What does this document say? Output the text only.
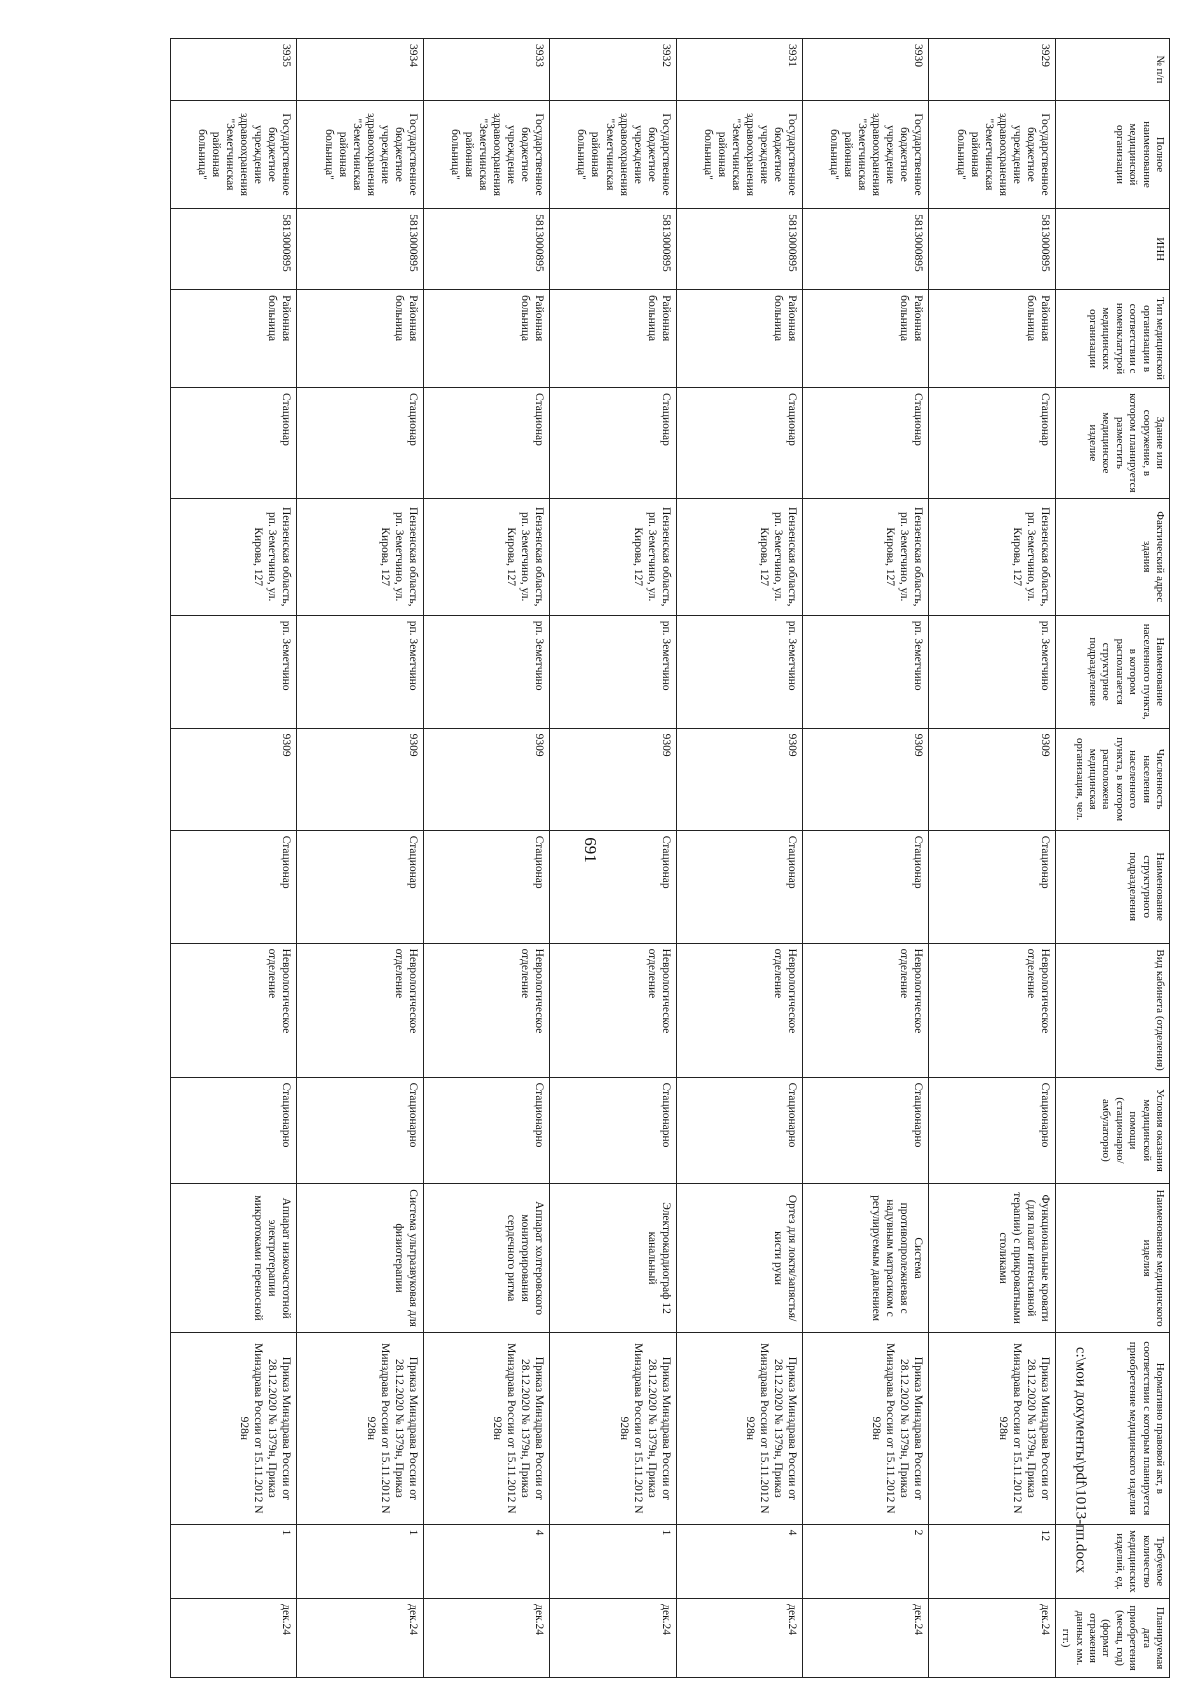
691
№ п/п	Полное наименование медицинской организации	ИНН	Тип медицинской организации в соответствии с номенклатурой медицинских организации	Здание или сооружение, в котором планируется разместить медицинское изделие	Фактический адрес здания	Наименование населенного пункта, в котором располагается структурное подразделение	Численность населения населенного пункта, в котором расположена медицинская организация, чел.	Наименование структурного подразделения	Вид кабинета (отделения)	Условия оказания медицинской помощи (стационарно/ амбулаторно)	Наименование медицинского изделия	Нормативно правовой акт, в соответствии с которым планируется приобретение медицинского изделия	Требуемое количество медицинских изделий, ед.	Планируемая дата приобретения (месяц, год) (формат отражения данных мм. ггг.)
3929	Государственное бюджетное учреждение здравоохранения "Земетчинская районная больница"	5813000895	Районная больница	Стационар	Пензенская область, рп. Земетчино, ул. Кирова, 127	рп. Земетчино	9309	Стационар	Неврологическое отделение	Стационарно	Функциональные кровати (для палат интенсивной терапии) с прикроватными столиками	Приказ Минздрава России от 28.12.2020 № 1379н, Приказ Минздрава России от 15.11.2012 N 928н	12	дек.24
3930	Государственное бюджетное учреждение здравоохранения "Земетчинская районная больница"	5813000895	Районная больница	Стационар	Пензенская область, рп. Земетчино, ул. Кирова, 127	рп. Земетчино	9309	Стационар	Неврологическое отделение	Стационарно	Система противопролежневая с надувным матрасиком с регулируемым давлением	Приказ Минздрава России от 28.12.2020 № 1379н, Приказ Минздрава России от 15.11.2012 N 928н	2	дек.24
3931	Государственное бюджетное учреждение здравоохранения "Земетчинская районная больница"	5813000895	Районная больница	Стационар	Пензенская область, рп. Земетчино, ул. Кирова, 127	рп. Земетчино	9309	Стационар	Неврологическое отделение	Стационарно	Ортез для локтя/запястья/кисти руки	Приказ Минздрава России от 28.12.2020 № 1379н, Приказ Минздрава России от 15.11.2012 N 928н	4	дек.24
3932	Государственное бюджетное учреждение здравоохранения "Земетчинская районная больница"	5813000895	Районная больница	Стационар	Пензенская область, рп. Земетчино, ул. Кирова, 127	рп. Земетчино	9309	Стационар	Неврологическое отделение	Стационарно	Электрокардиограф 12 канальный	Приказ Минздрава России от 28.12.2020 № 1379н, Приказ Минздрава России от 15.11.2012 N 928н	1	дек.24
3933	Государственное бюджетное учреждение здравоохранения "Земетчинская районная больница"	5813000895	Районная больница	Стационар	Пензенская область, рп. Земетчино, ул. Кирова, 127	рп. Земетчино	9309	Стационар	Неврологическое отделение	Стационарно	Аппарат холтеровского мониторирования сердечного ритма	Приказ Минздрава России от 28.12.2020 № 1379н, Приказ Минздрава России от 15.11.2012 N 928н	4	дек.24
3934	Государственное бюджетное учреждение здравоохранения "Земетчинская районная больница"	5813000895	Районная больница	Стационар	Пензенская область, рп. Земетчино, ул. Кирова, 127	рп. Земетчино	9309	Стационар	Неврологическое отделение	Стационарно	Система ультразвуковая для физиотерапии	Приказ Минздрава России от 28.12.2020 № 1379н, Приказ Минздрава России от 15.11.2012 N 928н	1	дек.24
3935	Государственное бюджетное учреждение здравоохранения "Земетчинская районная больница"	5813000895	Районная больница	Стационар	Пензенская область, рп. Земетчино, ул. Кирова, 127	рп. Земетчино	9309	Стационар	Неврологическое отделение	Стационарно	Аппарат низкочастотной электротерапии микротоками переносной	Приказ Минздрава России от 28.12.2020 № 1379н, Приказ Минздрава России от 15.11.2012 N 928н	1	дек.24
c:\мои документы\pdf\1013-пп.docx
